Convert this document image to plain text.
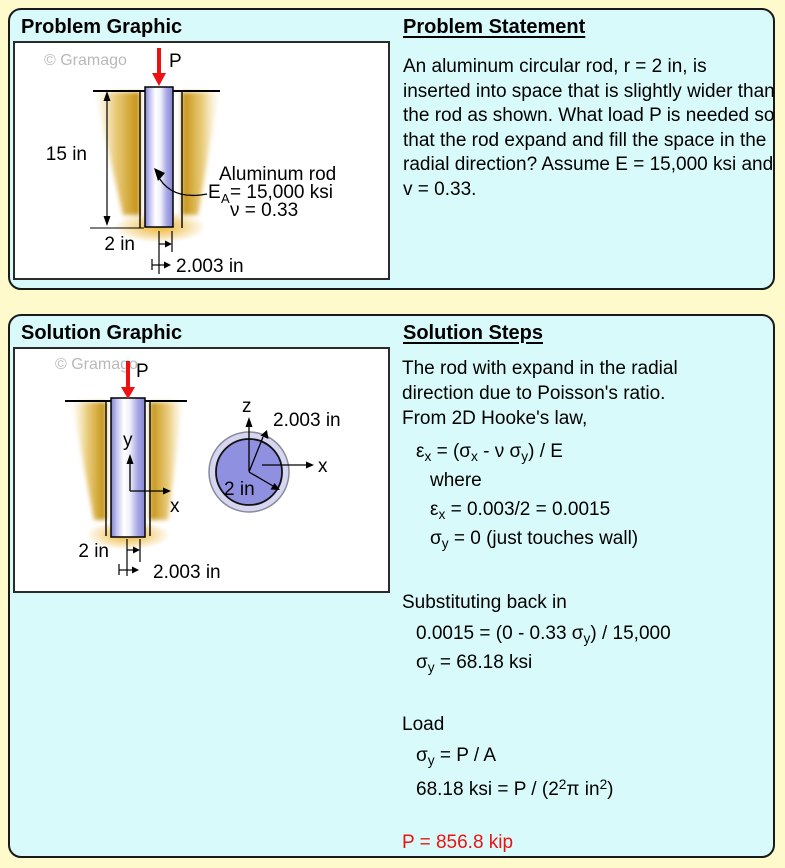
Problem Graphic
© Gramago P
15 in
Aluminum rod
E A = 15,000 ksi
ν = 0.33
2 in
2.003 in
Problem Statement

An aluminum circular rod, r = 2 in, is inserted into space that is slightly wider than the rod as shown. What load P is needed so that the rod expand and fill the space in the radial direction? Assume E = 15,000 ksi and v = 0.33.

Solution Graphic
© Gramago
P
y
x
2 in
2.003 in
z
x
2.003 in
2 in
Solution Steps
The rod with expand in the radial
direction due to Poisson's ratio.
From 2D Hooke's law,
$\varepsilon_x = (\sigma_x - \nu$ $\sigma_y$) / E
where
$\varepsilon_x = 0.003/2 = 0.0015$
$\sigma_y = 0$ (just touches wall)
Substituting back in
0.0015 = (0 - 0.33 $\sigma_y) / 15,000$
$\sigma_y = 68.18$ ksi
Load
$\sigma_y = P / A$
68.18 ksi = P / ($2^2\pi$ $in^2$)
P = 856.8 kip
